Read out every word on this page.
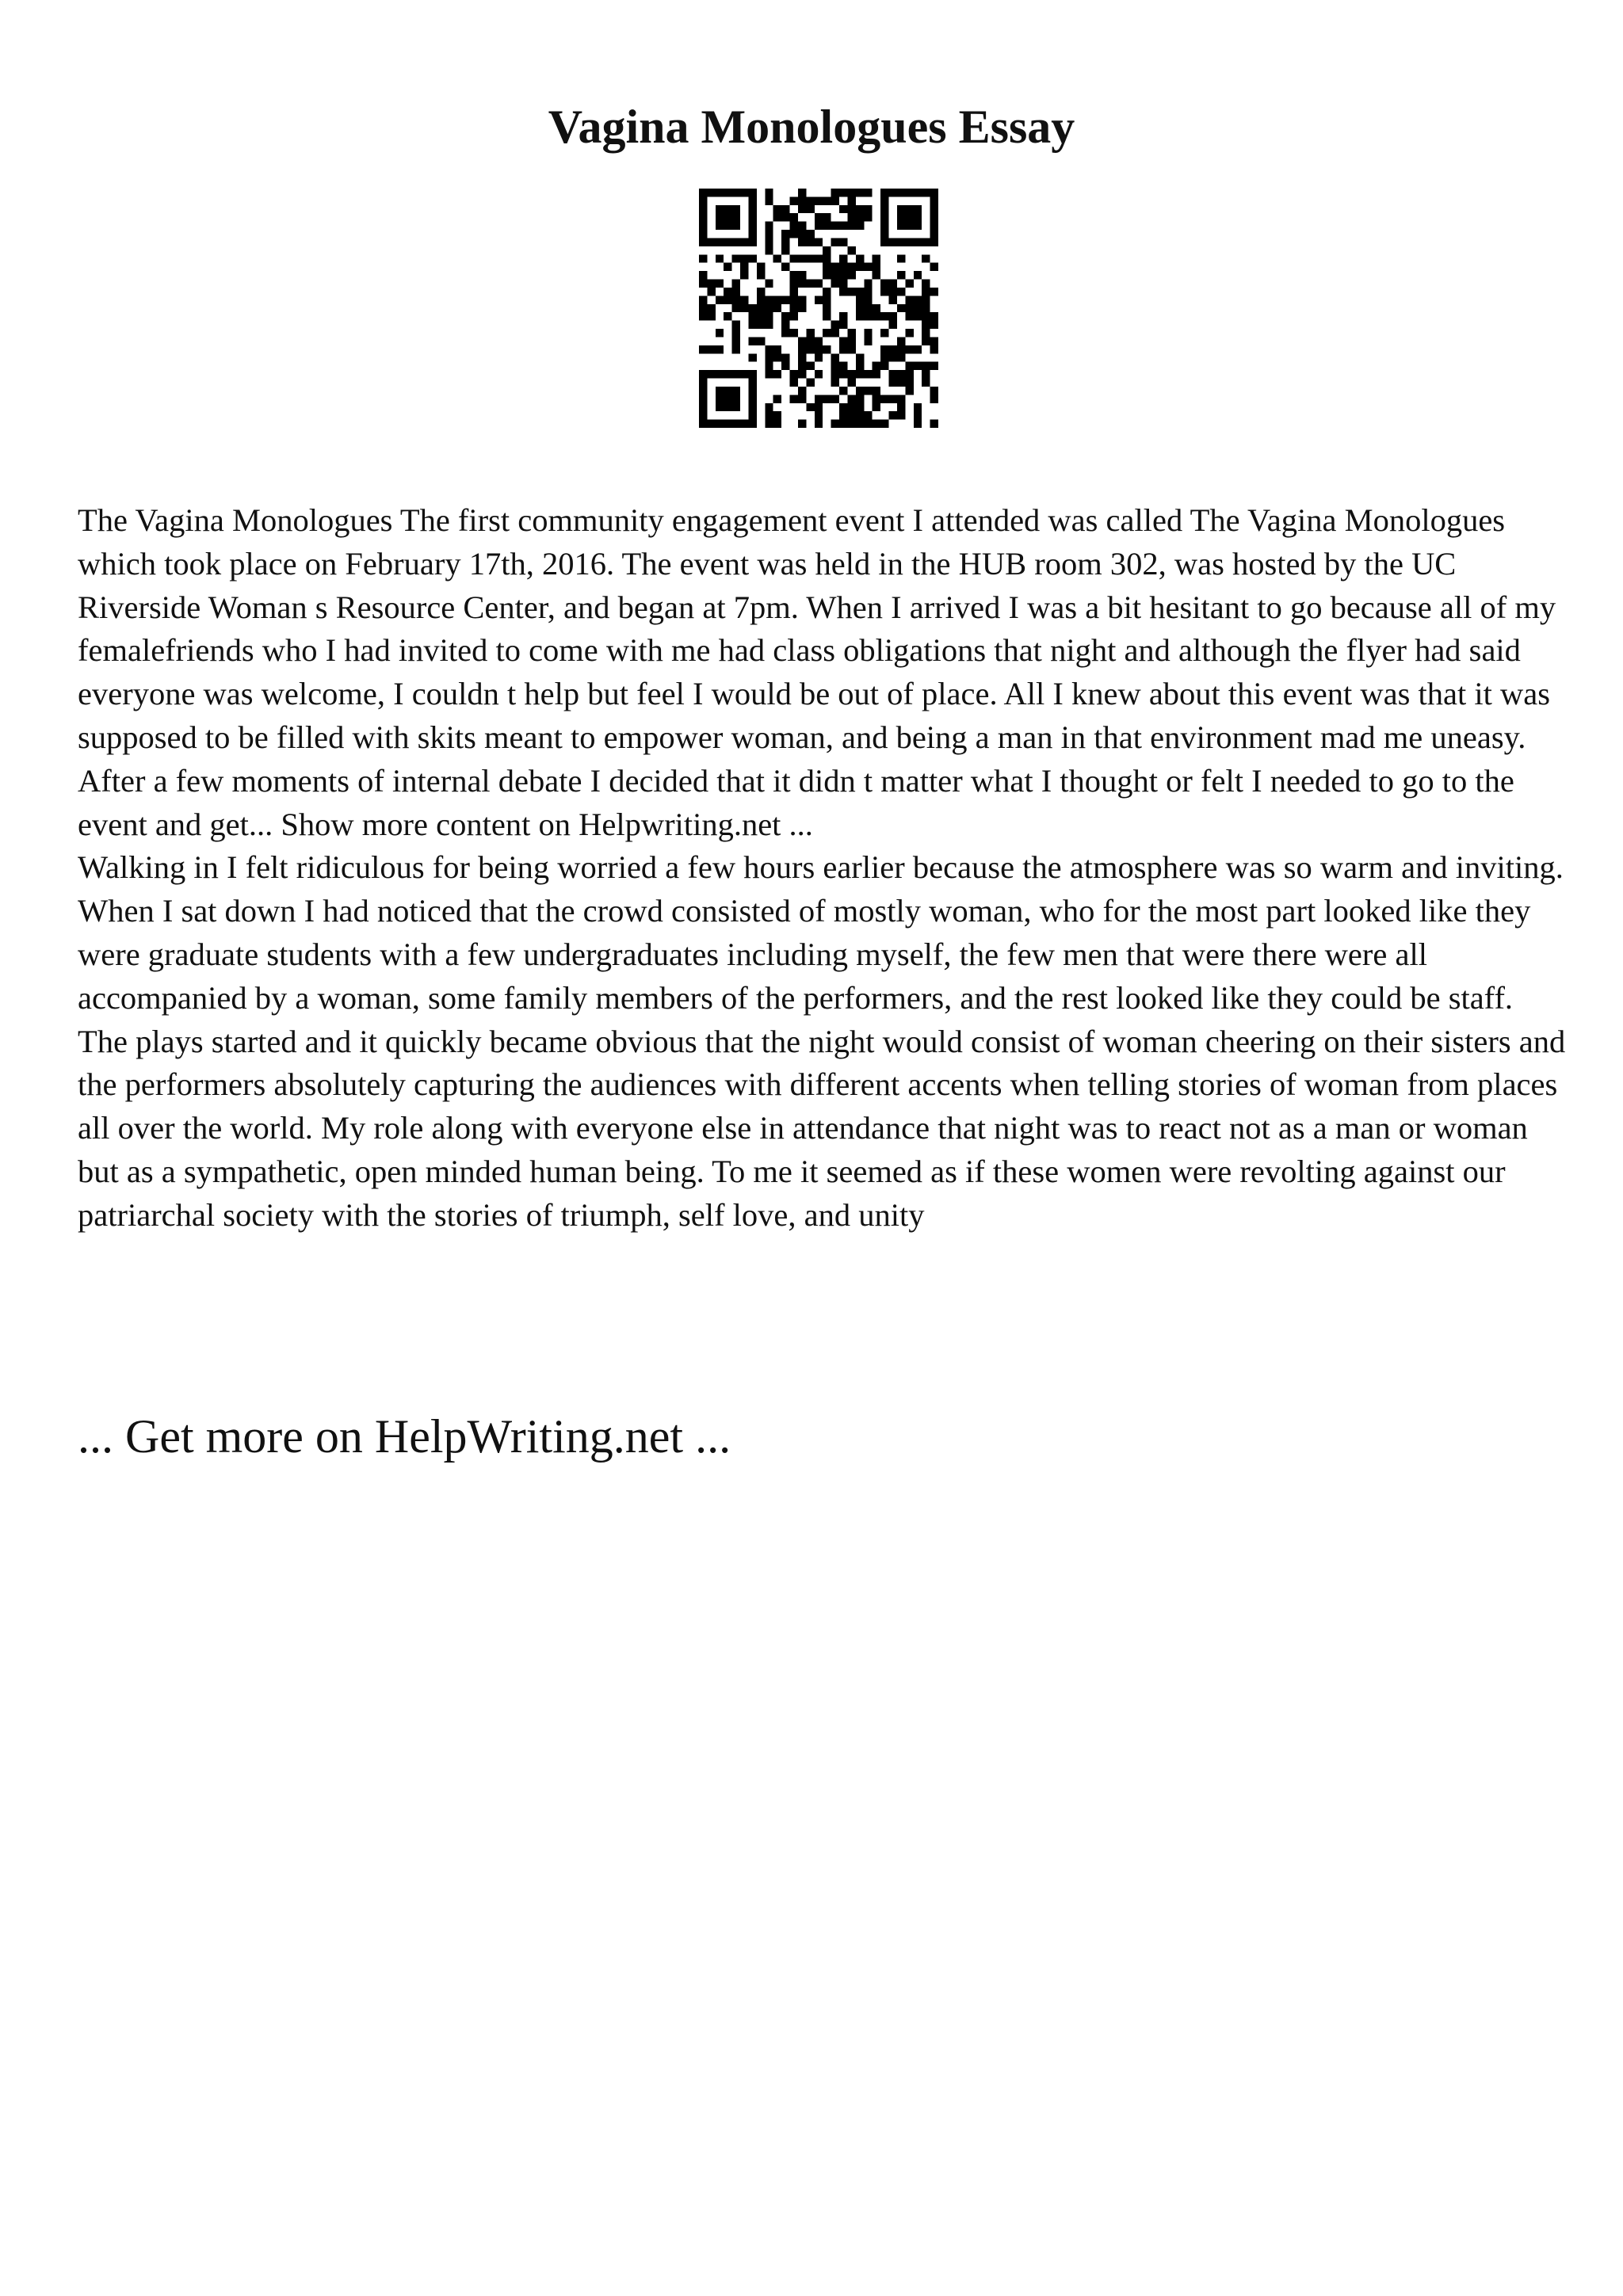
Vagina Monologues Essay

The Vagina Monologues The first community engagement event I attended was called The Vagina Monologues which took place on February 17th, 2016. The event was held in the HUB room 302, was hosted by the UC Riverside Woman s Resource Center, and began at 7pm. When I arrived I was a bit hesitant to go because all of my femalefriends who I had invited to come with me had class obligations that night and although the flyer had said everyone was welcome, I couldn t help but feel I would be out of place. All I knew about this event was that it was supposed to be filled with skits meant to empower woman, and being a man in that environment mad me uneasy. After a few moments of internal debate I decided that it didn t matter what I thought or felt I needed to go to the event and get... Show more content on Helpwriting.net ...

Walking in I felt ridiculous for being worried a few hours earlier because the atmosphere was so warm and inviting. When I sat down I had noticed that the crowd consisted of mostly woman, who for the most part looked like they were graduate students with a few undergraduates including myself, the few men that were there were all accompanied by a woman, some family members of the performers, and the rest looked like they could be staff. The plays started and it quickly became obvious that the night would consist of woman cheering on their sisters and the performers absolutely capturing the audiences with different accents when telling stories of woman from places all over the world. My role along with everyone else in attendance that night was to react not as a man or woman but as a sympathetic, open minded human being. To me it seemed as if these women were revolting against our patriarchal society with the stories of triumph, self love, and unity

... Get more on HelpWriting.net ...
